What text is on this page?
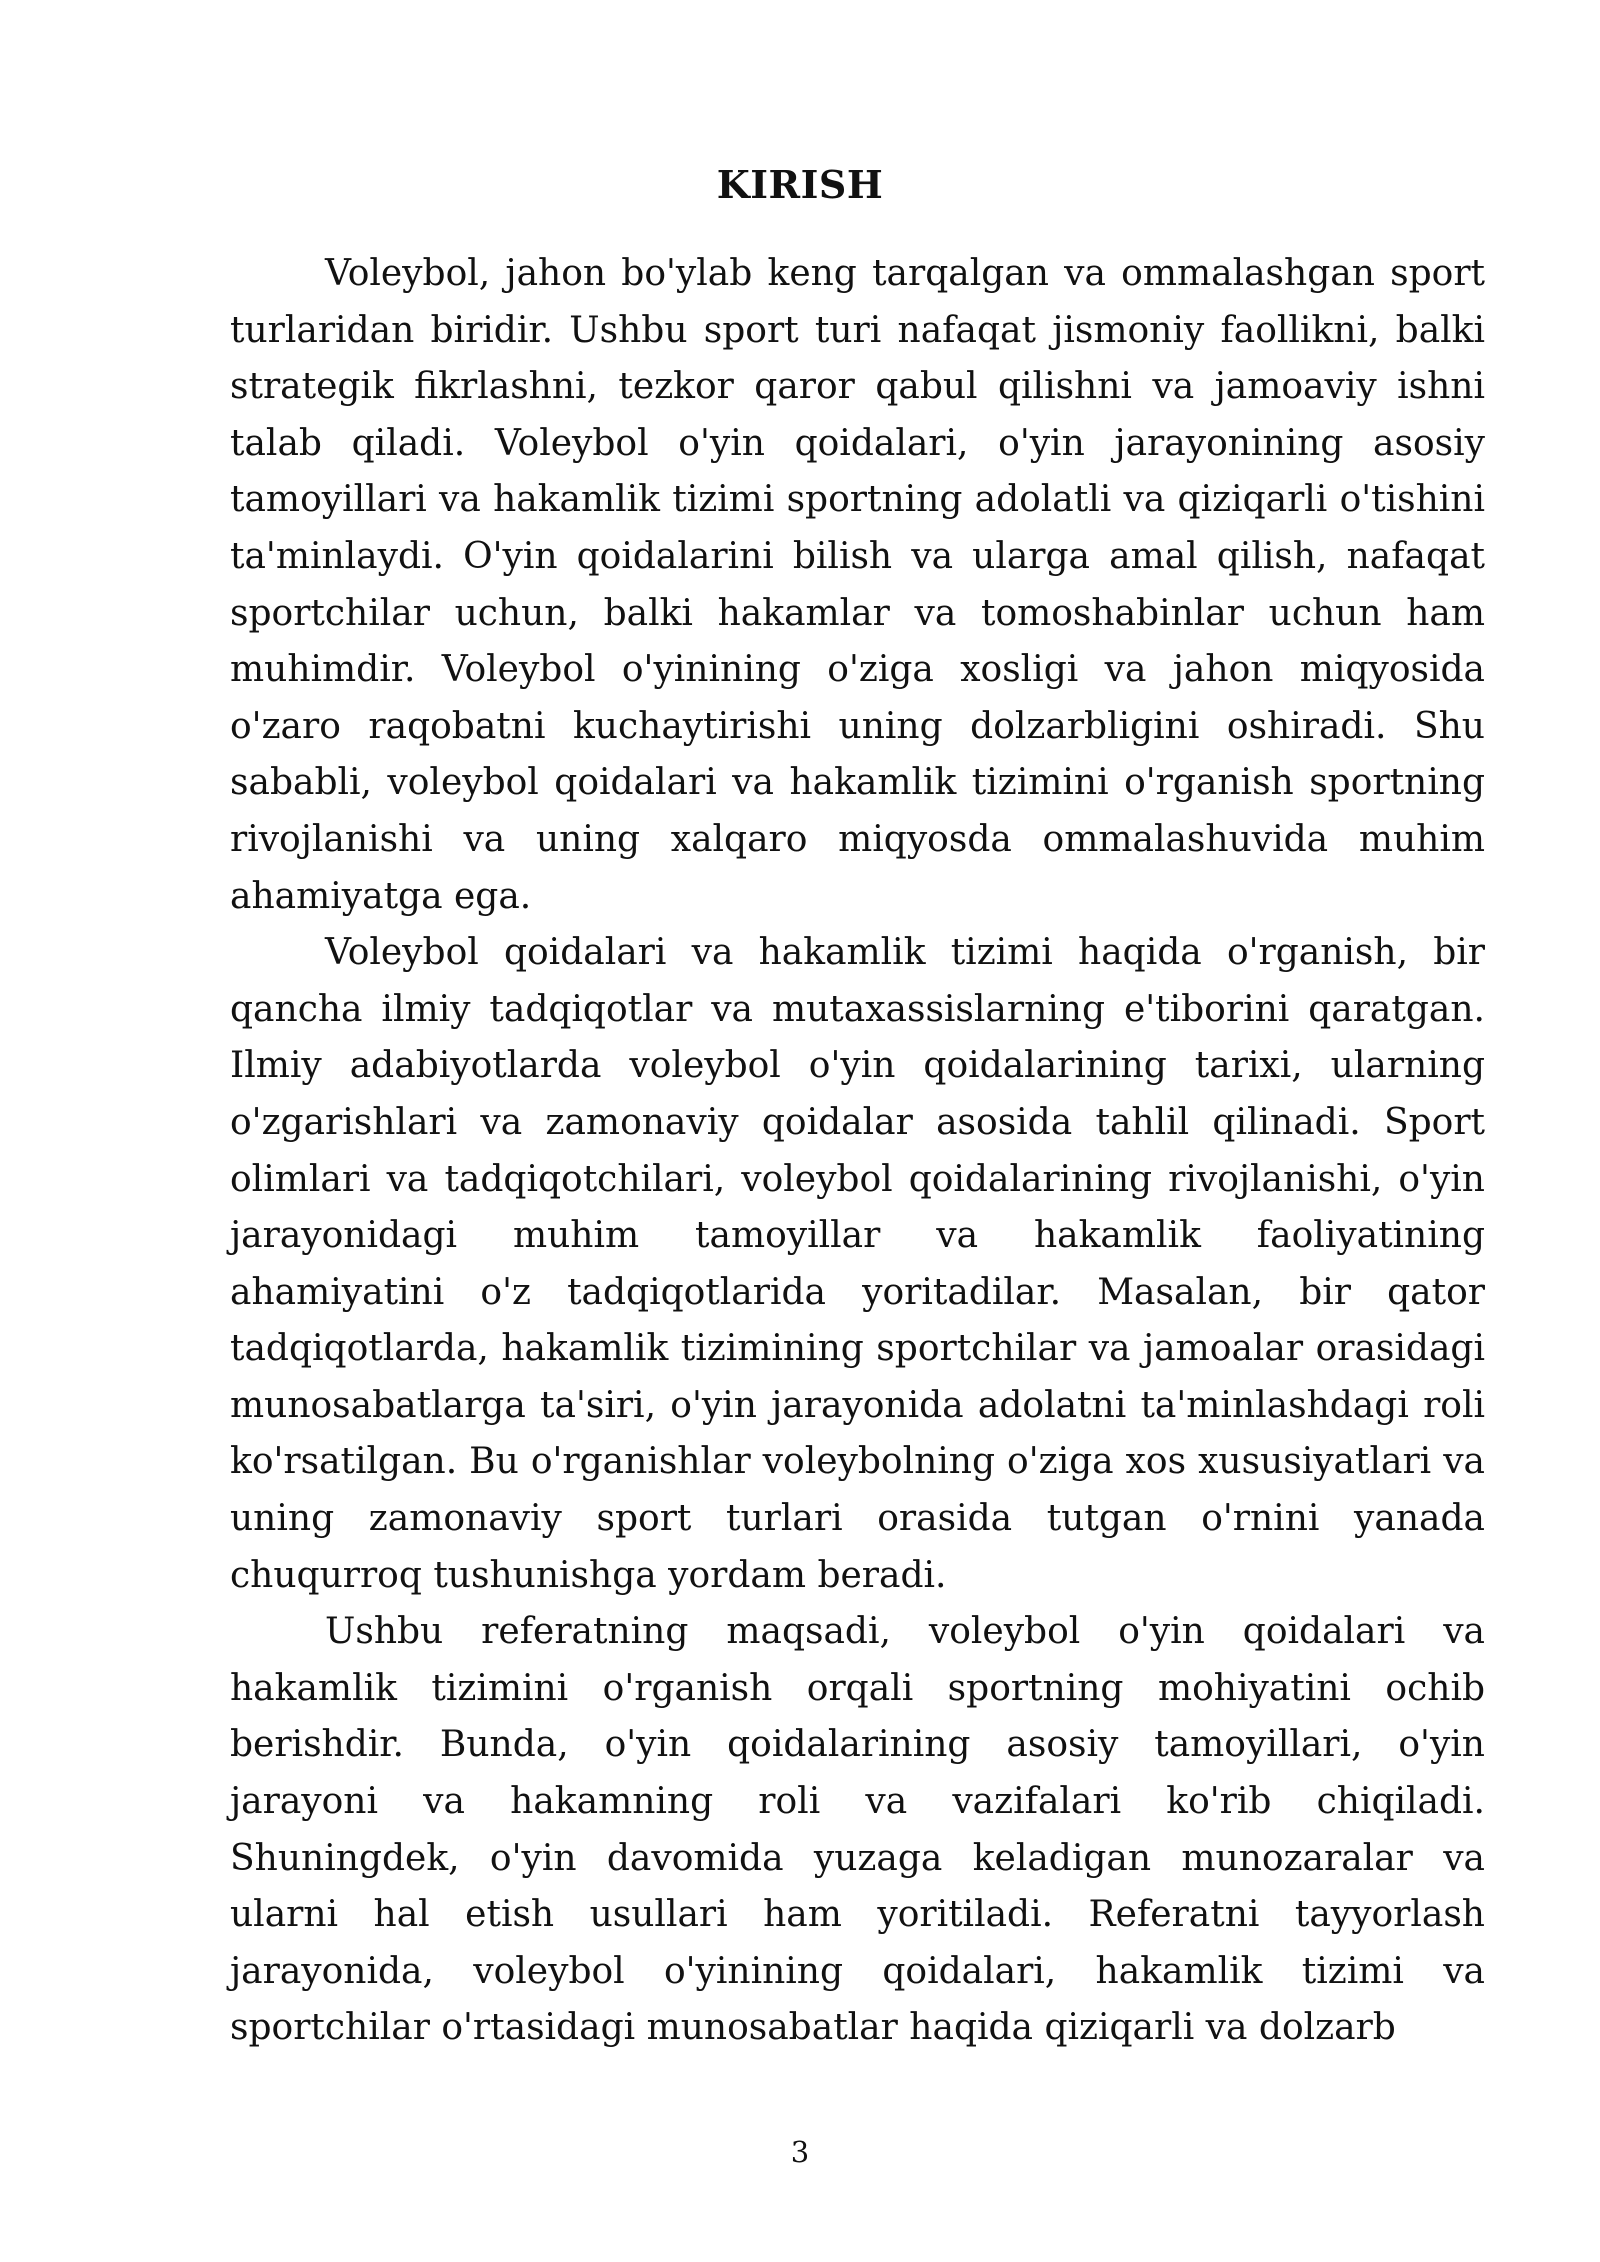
KIRISH

Voleybol, jahon bo'ylab keng tarqalgan va ommalashgan sport turlaridan biridir. Ushbu sport turi nafaqat jismoniy faollikni, balki strategik fikrlashni, tezkor qaror qabul qilishni va jamoaviy ishni talab qiladi. Voleybol o'yin qoidalari, o'yin jarayonining asosiy tamoyillari va hakamlik tizimi sportning adolatli va qiziqarli o'tishini ta'minlaydi. O'yin qoidalarini bilish va ularga amal qilish, nafaqat sportchilar uchun, balki hakamlar va tomoshabinlar uchun ham muhimdir. Voleybol o'yinining o'ziga xosligi va jahon miqyosida o'zaro raqobatni kuchaytirishi uning dolzarbligini oshiradi. Shu sababli, voleybol qoidalari va hakamlik tizimini o'rganish sportning rivojlanishi va uning xalqaro miqyosda ommalashuvida muhim ahamiyatga ega.

Voleybol qoidalari va hakamlik tizimi haqida o'rganish, bir qancha ilmiy tadqiqotlar va mutaxassislarning e'tiborini qaratgan. Ilmiy adabiyotlarda voleybol o'yin qoidalarining tarixi, ularning o'zgarishlari va zamonaviy qoidalar asosida tahlil qilinadi. Sport olimlari va tadqiqotchilari, voleybol qoidalarining rivojlanishi, o'yin jarayonidagi muhim tamoyillar va hakamlik faoliyatining ahamiyatini o'z tadqiqotlarida yoritadilar. Masalan, bir qator tadqiqotlarda, hakamlik tizimining sportchilar va jamoalar orasidagi munosabatlarga ta'siri, o'yin jarayonida adolatni ta'minlashdagi roli ko'rsatilgan. Bu o'rganishlar voleybolning o'ziga xos xususiyatlari va uning zamonaviy sport turlari orasida tutgan o'rnini yanada chuqurroq tushunishga yordam beradi.

Ushbu referatning maqsadi, voleybol o'yin qoidalari va hakamlik tizimini o'rganish orqali sportning mohiyatini ochib berishdir. Bunda, o'yin qoidalarining asosiy tamoyillari, o'yin jarayoni va hakamning roli va vazifalari ko'rib chiqiladi. Shuningdek, o'yin davomida yuzaga keladigan munozaralar va ularni hal etish usullari ham yoritiladi. Referatni tayyorlash jarayonida, voleybol o'yinining qoidalari, hakamlik tizimi va sportchilar o'rtasidagi munosabatlar haqida qiziqarli va dolzarb

3
